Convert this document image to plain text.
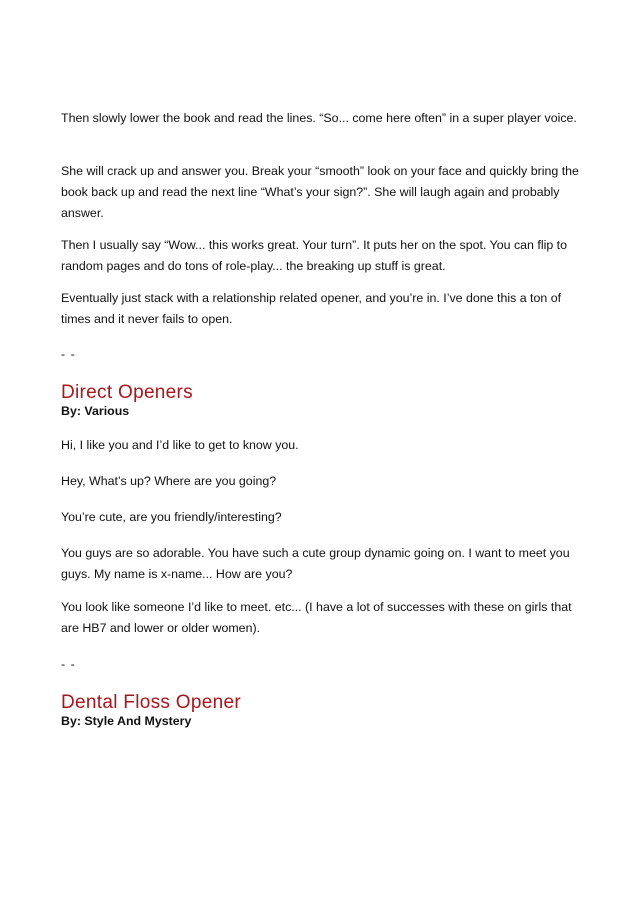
Then slowly lower the book and read the lines. “So... come here often” in a super player voice.

She will crack up and answer you. Break your “smooth” look on your face and quickly bring the book back up and read the next line “What’s your sign?”. She will laugh again and probably answer.

Then I usually say “Wow... this works great. Your turn”. It puts her on the spot. You can flip to random pages and do tons of role-play... the breaking up stuff is great.

Eventually just stack with a relationship related opener, and you’re in. I’ve done this a ton of times and it never fails to open.

- -
Direct Openers
By: Various

Hi, I like you and I’d like to get to know you.

Hey, What’s up? Where are you going?

You’re cute, are you friendly/interesting?

You guys are so adorable. You have such a cute group dynamic going on. I want to meet you guys. My name is x-name... How are you?

You look like someone I’d like to meet. etc... (I have a lot of successes with these on girls that are HB7 and lower or older women).

- -
Dental Floss Opener
By: Style And Mystery
